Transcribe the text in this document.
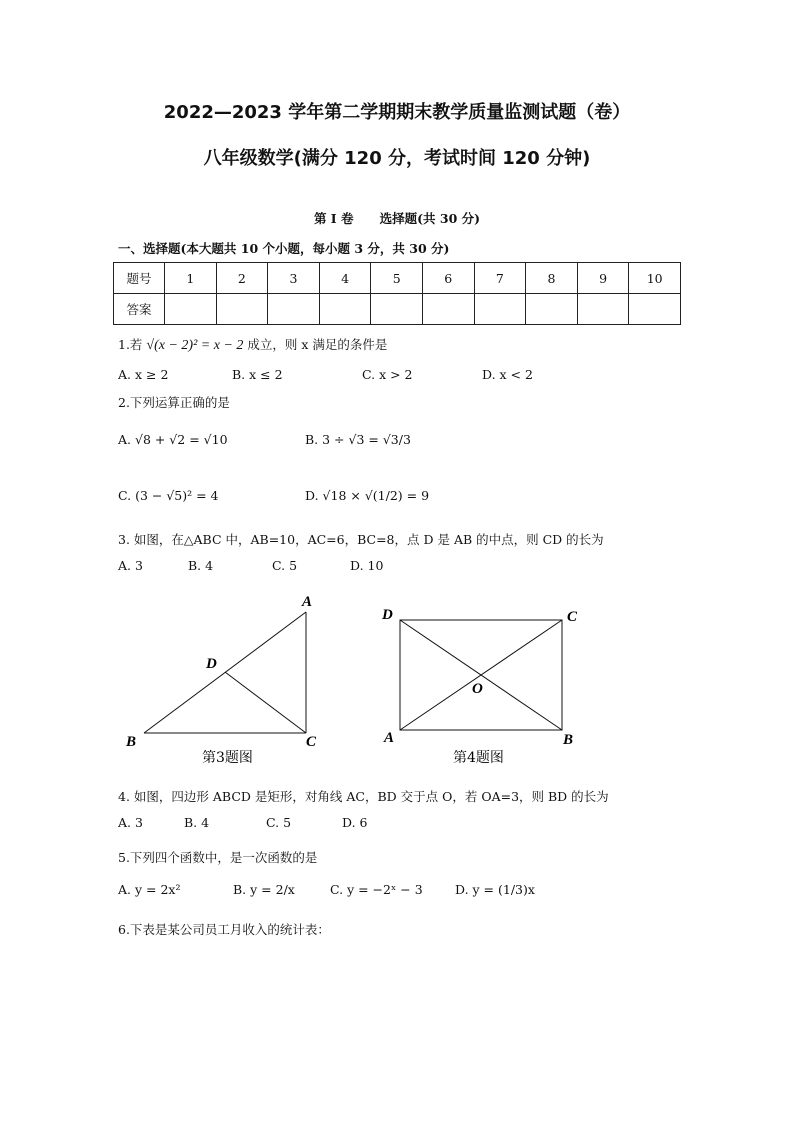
2022—2023 学年第二学期期末教学质量监测试题（卷）
八年级数学(满分 120 分，考试时间 120 分钟)
第 I 卷      选择题(共 30 分)
一、选择题(本大题共 10 个小题，每小题 3 分，共 30 分)
题号	1	2	3	4	5	6	7	8	9	10
答案										
1.若 √(x − 2)² = x − 2 成立，则 x 满足的条件是
A. x ≥ 2	B. x ≤ 2	C. x > 2	D. x < 2
2.下列运算正确的是
A. √8 + √2 = √10	B. 3 ÷ √3 = √3/3
C. (3 − √5)² = 4	D. √18 × √(1/2) = 9
3. 如图，在△ABC 中，AB=10，AC=6，BC=8，点 D 是 AB 的中点，则 CD 的长为
A. 3	B. 4	C. 5	D. 10
A
B	C
D
第3题图
D	C
A	B
O
第4题图
4. 如图，四边形 ABCD 是矩形，对角线 AC，BD 交于点 O，若 OA=3，则 BD 的长为
A. 3	B. 4	C. 5	D. 6
5.下列四个函数中，是一次函数的是
A. y = 2x²	B. y = 2/x	C. y = −2ˣ − 3	D. y = (1/3)x
6.下表是某公司员工月收入的统计表：
